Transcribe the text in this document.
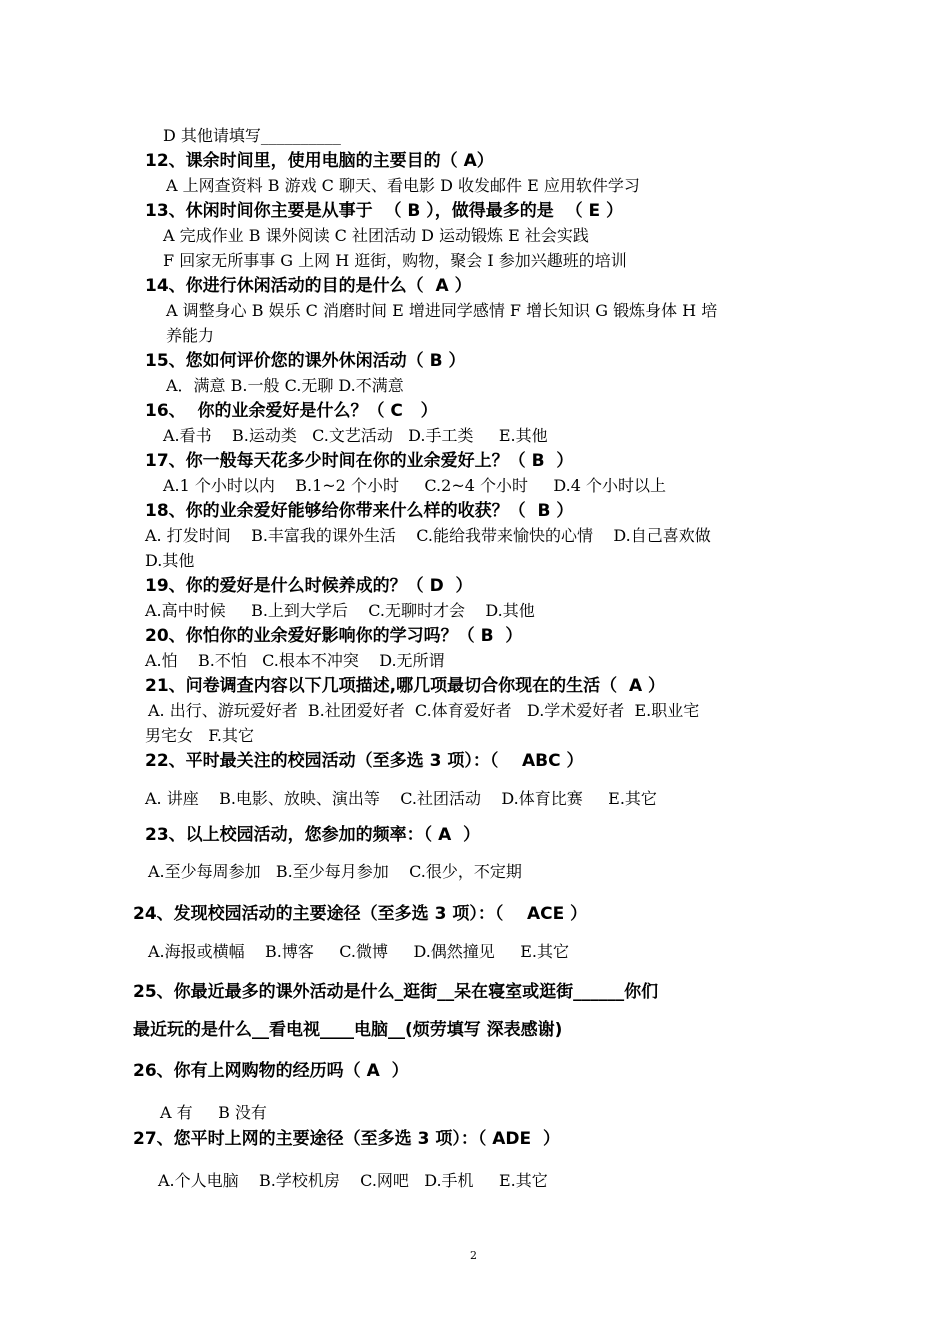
D 其他请填写__________
12、课余时间里，使用电脑的主要目的（ A）
A 上网查资料 B 游戏 C 聊天、看电影 D 收发邮件 E 应用软件学习
13、休闲时间你主要是从事于  （ B ），做得最多的是  （ E ）
A 完成作业 B 课外阅读 C 社团活动 D 运动锻炼 E 社会实践
F 回家无所事事 G 上网 H 逛街，购物，聚会 I 参加兴趣班的培训
14、你进行休闲活动的目的是什么（  A ）
A 调整身心 B 娱乐 C 消磨时间 E 增进同学感情 F 增长知识 G 锻炼身体 H 培
养能力
15、您如何评价您的课外休闲活动（ B ）
A．满意 B.一般 C.无聊 D.不满意
16、  你的业余爱好是什么？（ C   ）
A.看书    B.运动类   C.文艺活动   D.手工类     E.其他
17、你一般每天花多少时间在你的业余爱好上？（ B  ）
A.1 个小时以内    B.1~2 个小时     C.2~4 个小时     D.4 个小时以上
18、你的业余爱好能够给你带来什么样的收获？（  B ）
A. 打发时间    B.丰富我的课外生活    C.能给我带来愉快的心情    D.自己喜欢做
D.其他
19、你的爱好是什么时候养成的？（ D  ）
A.高中时候     B.上到大学后    C.无聊时才会    D.其他
20、你怕你的业余爱好影响你的学习吗？（ B  ）
A.怕    B.不怕   C.根本不冲突    D.无所谓
21、问卷调查内容以下几项描述,哪几项最切合你现在的生活（  A ）
A. 出行、游玩爱好者  B.社团爱好者  C.体育爱好者   D.学术爱好者  E.职业宅
男宅女   F.其它
22、平时最关注的校园活动（至多选 3 项）：（    ABC ）
A. 讲座    B.电影、放映、演出等    C.社团活动    D.体育比赛     E.其它
23、以上校园活动，您参加的频率：（ A  ）
A.至少每周参加   B.至少每月参加    C.很少，不定期
24、发现校园活动的主要途径（至多选 3 项）：（    ACE ）
A.海报或横幅    B.博客     C.微博     D.偶然撞见     E.其它
25、你最近最多的课外活动是什么_逛街__呆在寝室或逛街______你们
最近玩的是什么__看电视____电脑__(烦劳填写 深表感谢)
26、你有上网购物的经历吗（ A  ）
A 有     B 没有
27、您平时上网的主要途径（至多选 3 项）：（ ADE  ）
A.个人电脑    B.学校机房    C.网吧   D.手机     E.其它
2
